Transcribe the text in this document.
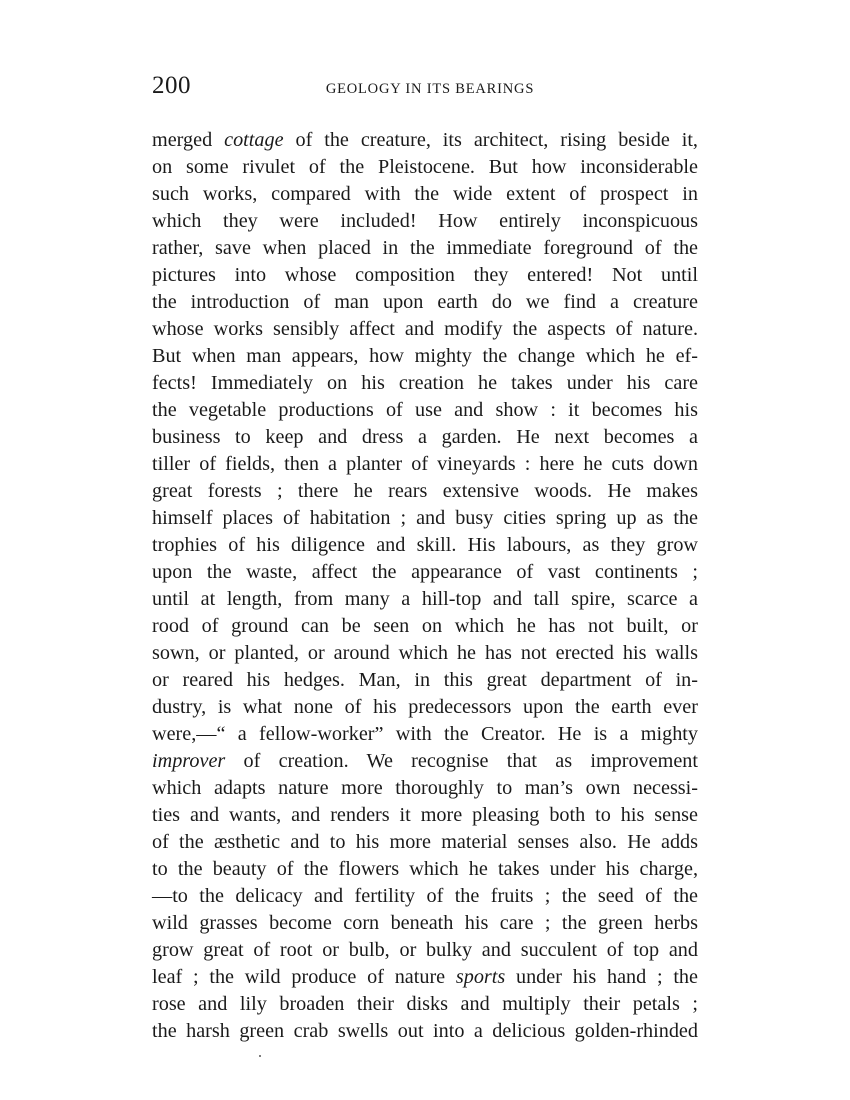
200	GEOLOGY IN ITS BEARINGS
merged cottage of the creature, its architect, rising beside it,
on some rivulet of the Pleistocene. But how inconsiderable
such works, compared with the wide extent of prospect in
which they were included! How entirely inconspicuous
rather, save when placed in the immediate foreground of the
pictures into whose composition they entered! Not until
the introduction of man upon earth do we find a creature
whose works sensibly affect and modify the aspects of nature.
But when man appears, how mighty the change which he ef-
fects! Immediately on his creation he takes under his care
the vegetable productions of use and show : it becomes his
business to keep and dress a garden. He next becomes a
tiller of fields, then a planter of vineyards : here he cuts down
great forests ; there he rears extensive woods. He makes
himself places of habitation ; and busy cities spring up as the
trophies of his diligence and skill. His labours, as they grow
upon the waste, affect the appearance of vast continents ;
until at length, from many a hill-top and tall spire, scarce a
rood of ground can be seen on which he has not built, or
sown, or planted, or around which he has not erected his walls
or reared his hedges. Man, in this great department of in-
dustry, is what none of his predecessors upon the earth ever
were,—“ a fellow-worker” with the Creator. He is a mighty
improver of creation. We recognise that as improvement
which adapts nature more thoroughly to man’s own necessi-
ties and wants, and renders it more pleasing both to his sense
of the æsthetic and to his more material senses also. He adds
to the beauty of the flowers which he takes under his charge,
—to the delicacy and fertility of the fruits ; the seed of the
wild grasses become corn beneath his care ; the green herbs
grow great of root or bulb, or bulky and succulent of top and
leaf ; the wild produce of nature sports under his hand ; the
rose and lily broaden their disks and multiply their petals ;
the harsh green crab swells out into a delicious golden-rhinded
